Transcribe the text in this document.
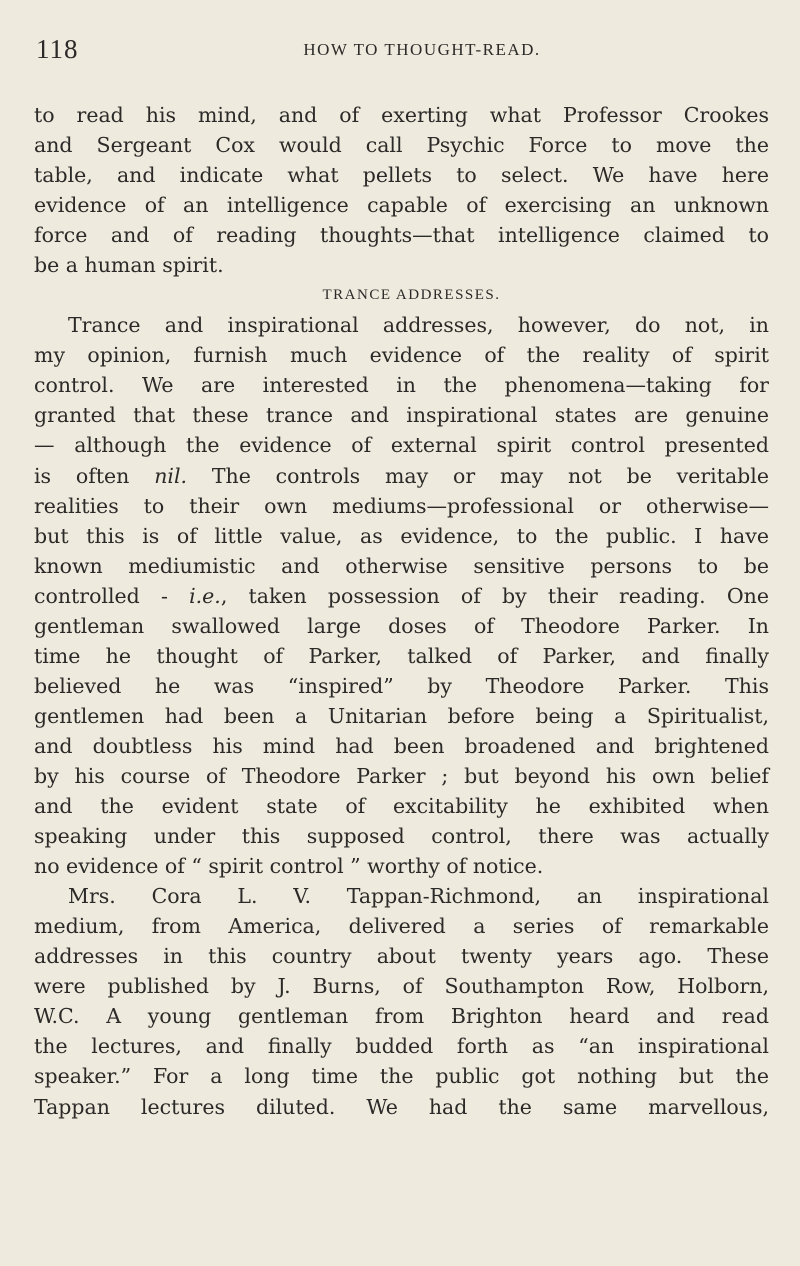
118	HOW TO THOUGHT-READ.
to read his mind, and of exerting what Professor Crookes
and Sergeant Cox would call Psychic Force to move the
table, and indicate what pellets to select. We have here
evidence of an intelligence capable of exercising an unknown
force and of reading thoughts—that intelligence claimed to
be a human spirit.
TRANCE ADDRESSES.
Trance and inspirational addresses, however, do not, in
my opinion, furnish much evidence of the reality of spirit
control. We are interested in the phenomena—taking for
granted that these trance and inspirational states are genuine
— although the evidence of external spirit control presented
is often nil. The controls may or may not be veritable
realities to their own mediums—professional or otherwise—
but this is of little value, as evidence, to the public. I have
known mediumistic and otherwise sensitive persons to be
controlled - i.e., taken possession of by their reading. One
gentleman swallowed large doses of Theodore Parker. In
time he thought of Parker, talked of Parker, and finally
believed he was “inspired” by Theodore Parker. This
gentlemen had been a Unitarian before being a Spiritualist,
and doubtless his mind had been broadened and brightened
by his course of Theodore Parker ; but beyond his own belief
and the evident state of excitability he exhibited when
speaking under this supposed control, there was actually
no evidence of “ spirit control ” worthy of notice.
Mrs. Cora L. V. Tappan-Richmond, an inspirational
medium, from America, delivered a series of remarkable
addresses in this country about twenty years ago. These
were published by J. Burns, of Southampton Row, Holborn,
W.C. A young gentleman from Brighton heard and read
the lectures, and finally budded forth as “an inspirational
speaker.” For a long time the public got nothing but the
Tappan lectures diluted. We had the same marvellous,
